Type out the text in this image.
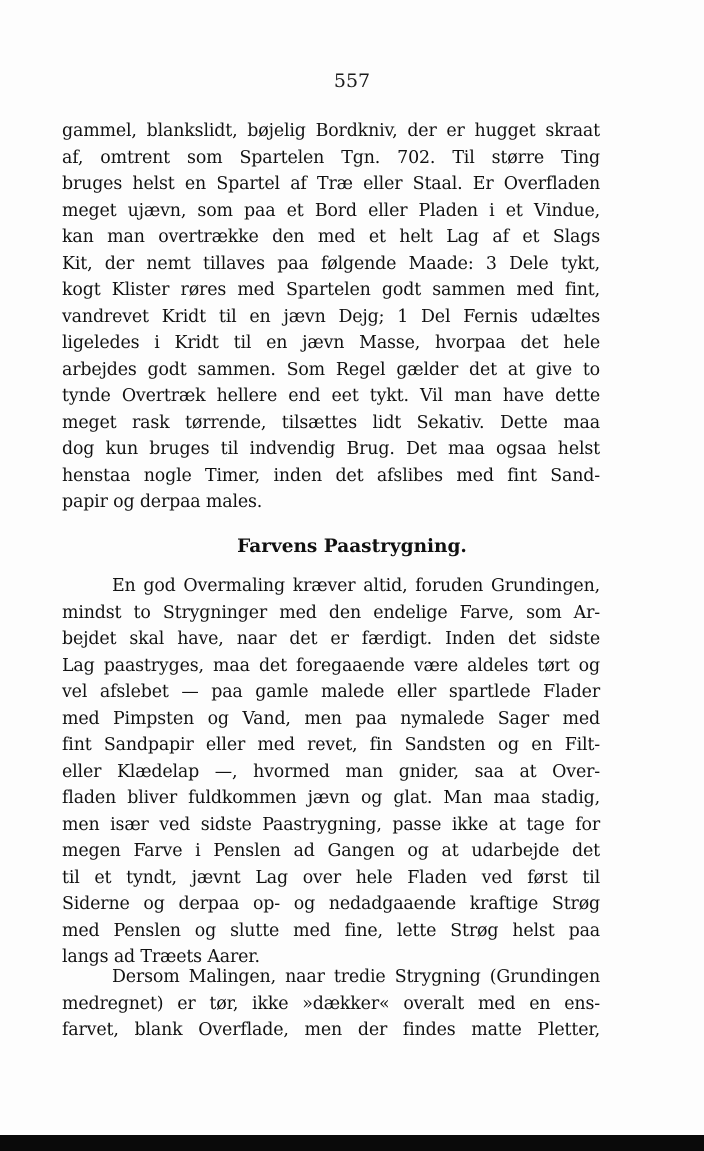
557
gammel, blankslidt, bøjelig Bordkniv, der er hugget skraat
af, omtrent som Spartelen Tgn. 702. Til større Ting
bruges helst en Spartel af Træ eller Staal. Er Overfladen
meget ujævn, som paa et Bord eller Pladen i et Vindue,
kan man overtrække den med et helt Lag af et Slags
Kit, der nemt tillaves paa følgende Maade: 3 Dele tykt,
kogt Klister røres med Spartelen godt sammen med fint,
vandrevet Kridt til en jævn Dejg; 1 Del Fernis udæltes
ligeledes i Kridt til en jævn Masse, hvorpaa det hele
arbejdes godt sammen. Som Regel gælder det at give to
tynde Overtræk hellere end eet tykt. Vil man have dette
meget rask tørrende, tilsættes lidt Sekativ. Dette maa
dog kun bruges til indvendig Brug. Det maa ogsaa helst
henstaa nogle Timer, inden det afslibes med fint Sand-
papir og derpaa males.
Farvens Paastrygning.
En god Overmaling kræver altid, foruden Grundingen,
mindst to Strygninger med den endelige Farve, som Ar-
bejdet skal have, naar det er færdigt. Inden det sidste
Lag paastryges, maa det foregaaende være aldeles tørt og
vel afslebet — paa gamle malede eller spartlede Flader
med Pimpsten og Vand, men paa nymalede Sager med
fint Sandpapir eller med revet, fin Sandsten og en Filt-
eller Klædelap —, hvormed man gnider, saa at Over-
fladen bliver fuldkommen jævn og glat. Man maa stadig,
men især ved sidste Paastrygning, passe ikke at tage for
megen Farve i Penslen ad Gangen og at udarbejde det
til et tyndt, jævnt Lag over hele Fladen ved først til
Siderne og derpaa op- og nedadgaaende kraftige Strøg
med Penslen og slutte med fine, lette Strøg helst paa
langs ad Træets Aarer.
Dersom Malingen, naar tredie Strygning (Grundingen
medregnet) er tør, ikke »dækker« overalt med en ens-
farvet, blank Overflade, men der findes matte Pletter,
